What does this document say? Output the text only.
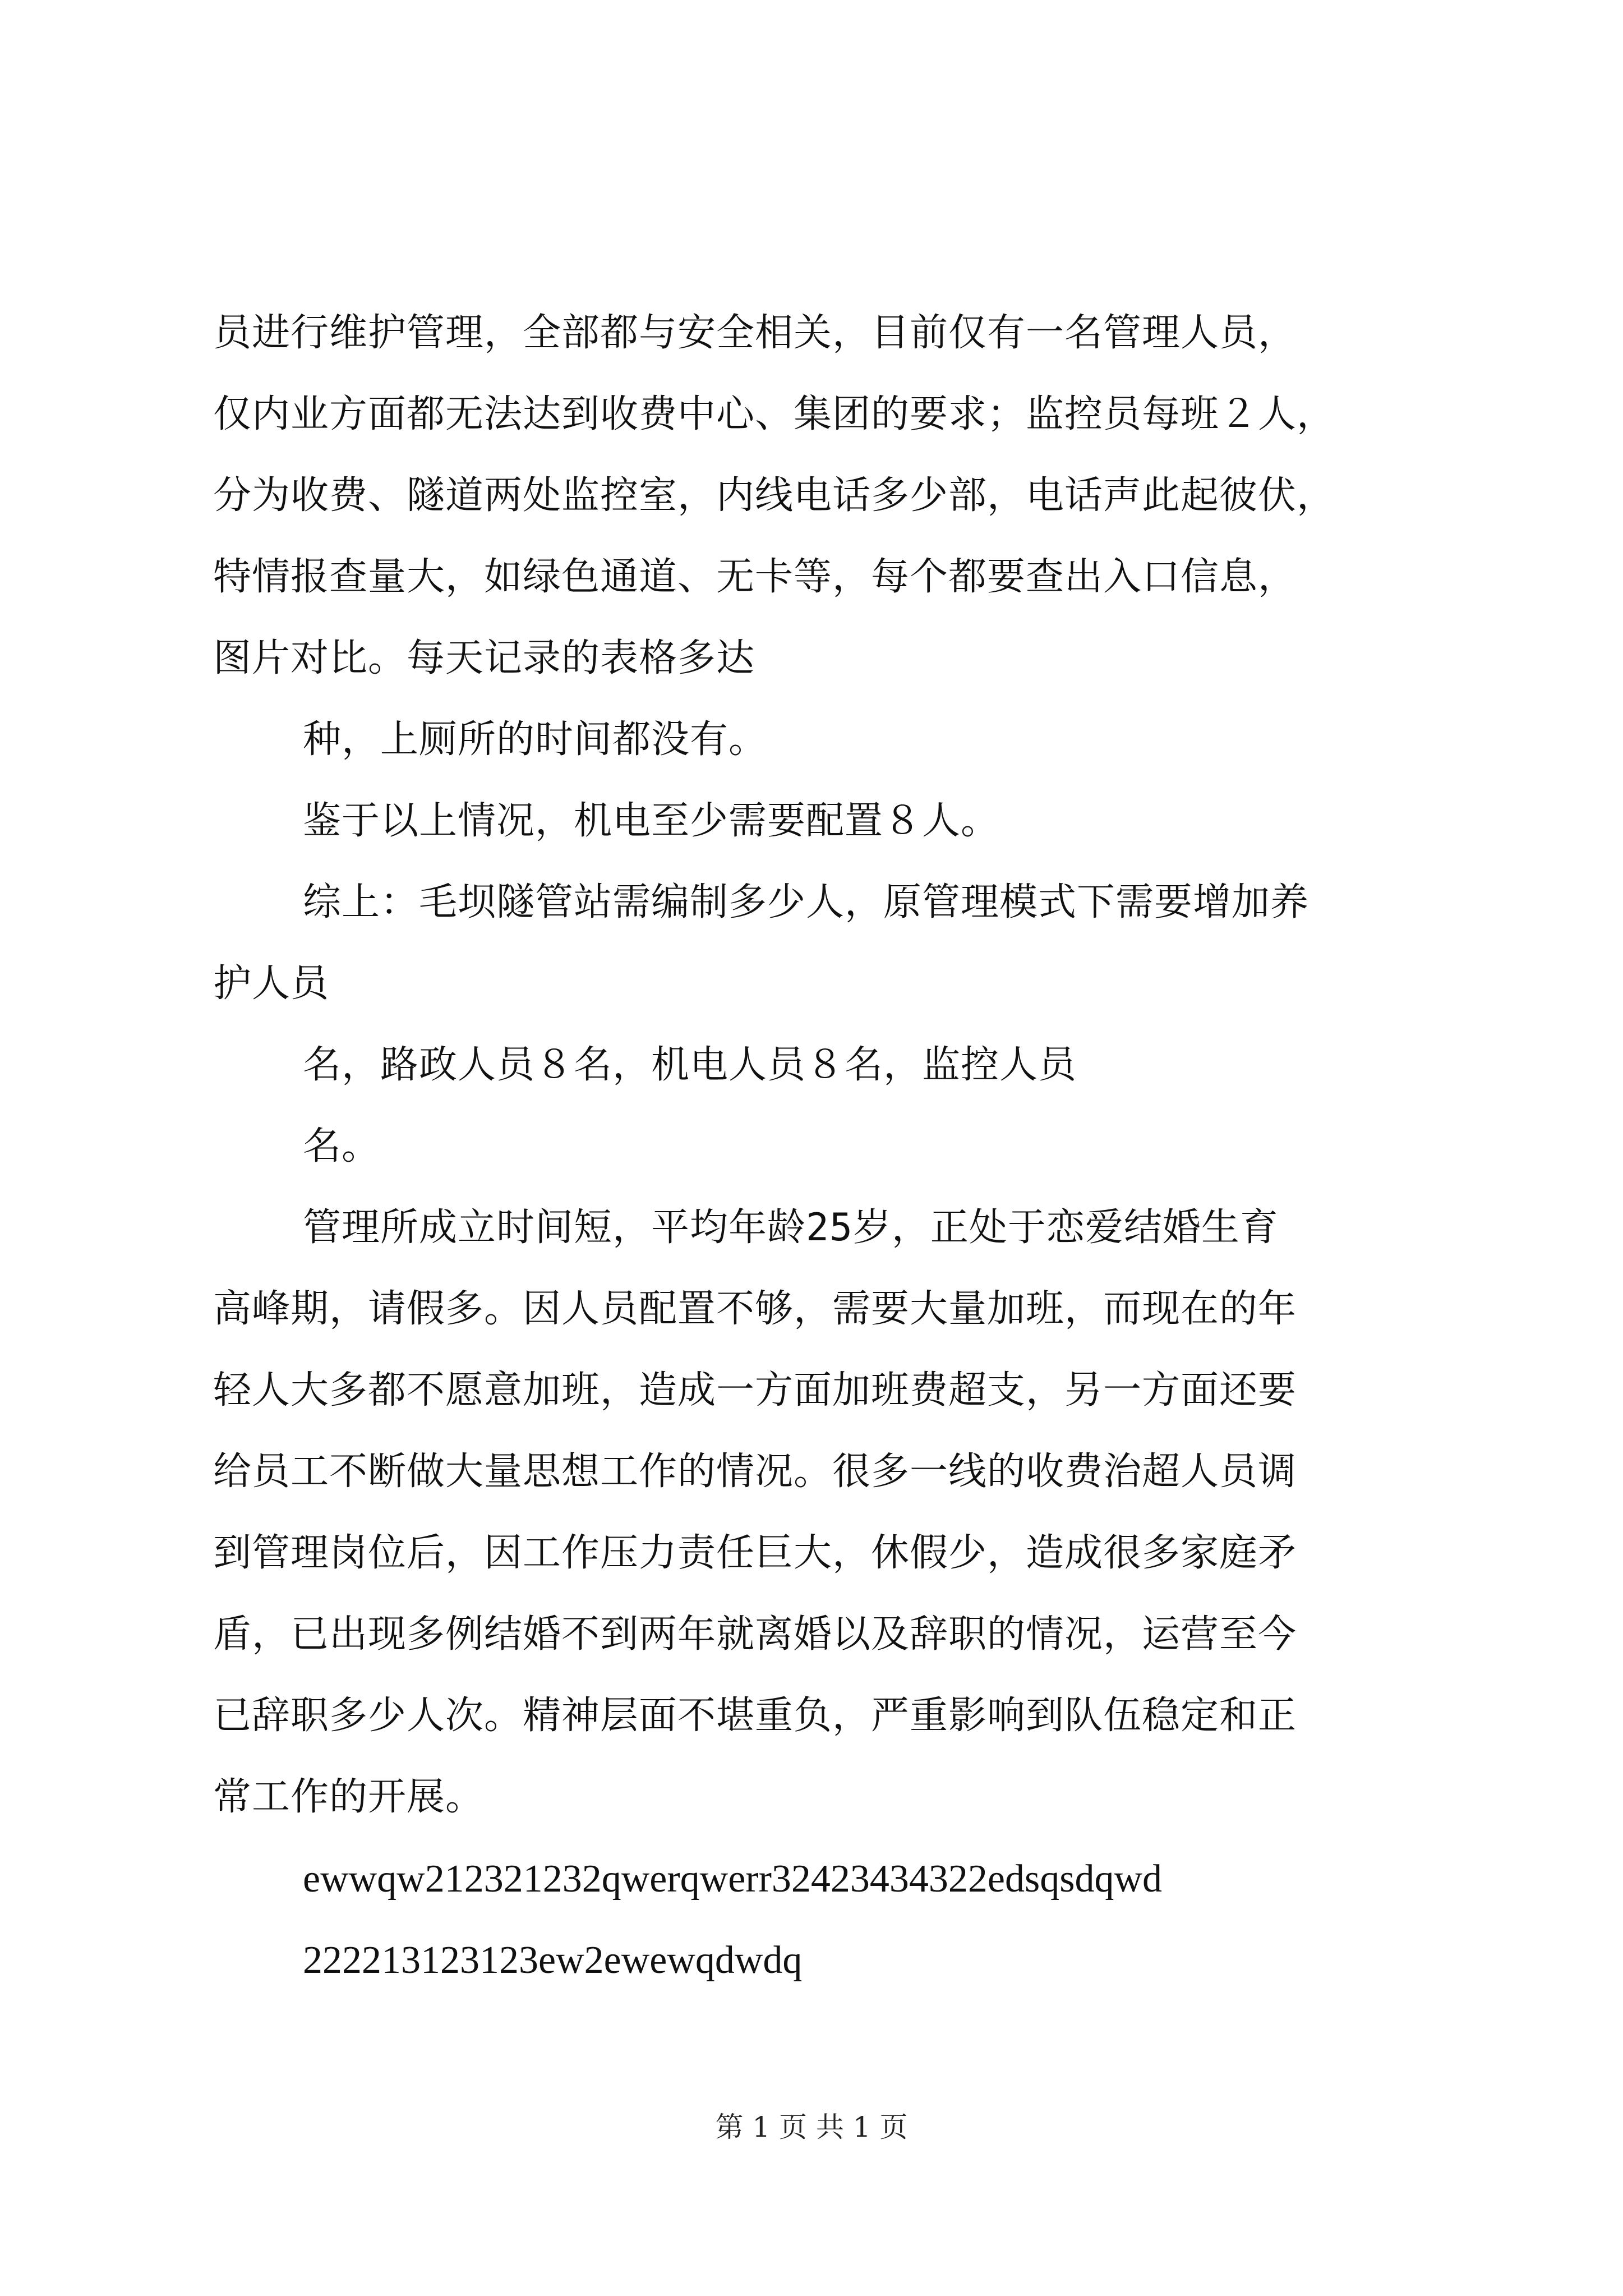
员进行维护管理，全部都与安全相关，目前仅有一名管理人员，
仅内业方面都无法达到收费中心、集团的要求；监控员每班２人，
分为收费、隧道两处监控室，内线电话多少部，电话声此起彼伏，
特情报查量大，如绿色通道、无卡等，每个都要查出入口信息，
图片对比。每天记录的表格多达
种，上厕所的时间都没有。
鉴于以上情况，机电至少需要配置８人。
综上：毛坝隧管站需编制多少人，原管理模式下需要增加养
护人员
名，路政人员８名，机电人员８名，监控人员
名。
管理所成立时间短，平均年龄25岁，正处于恋爱结婚生育
高峰期，请假多。因人员配置不够，需要大量加班，而现在的年
轻人大多都不愿意加班，造成一方面加班费超支，另一方面还要
给员工不断做大量思想工作的情况。很多一线的收费治超人员调
到管理岗位后，因工作压力责任巨大，休假少，造成很多家庭矛
盾，已出现多例结婚不到两年就离婚以及辞职的情况，运营至今
已辞职多少人次。精神层面不堪重负，严重影响到队伍稳定和正
常工作的开展。
ewwqw212321232qwerqwerr32423434322edsqsdqwd
222213123123ew2ewewqdwdq
第 1 页 共 1 页
